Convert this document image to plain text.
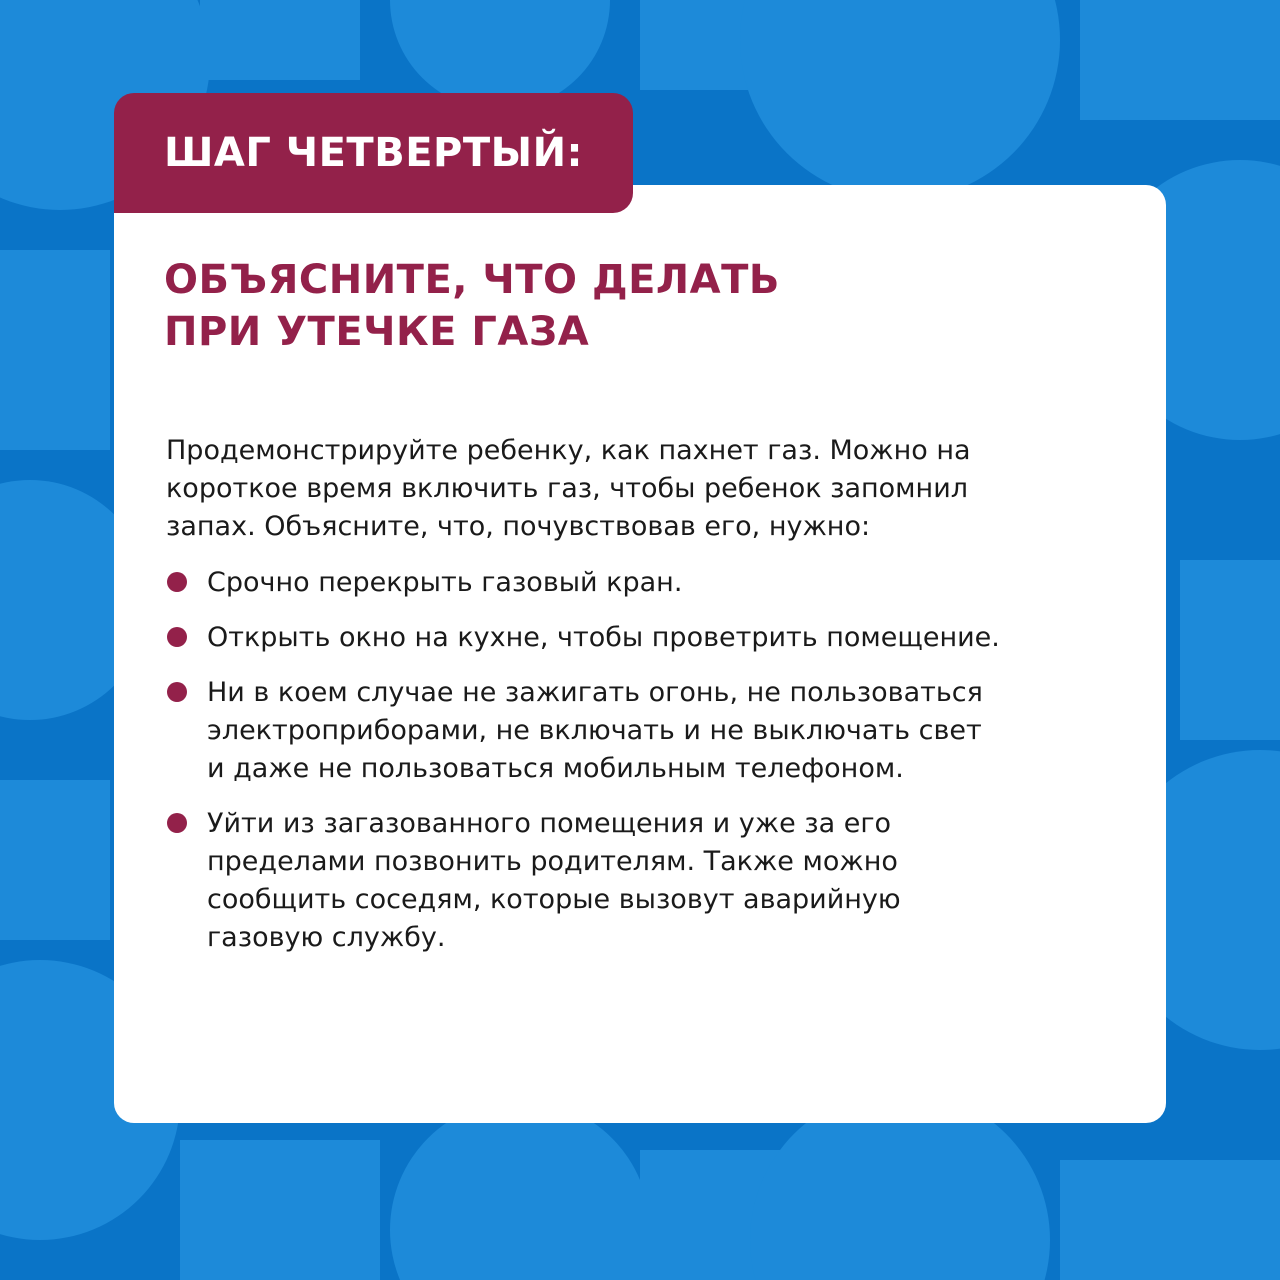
ШАГ ЧЕТВЕРТЫЙ:
ОБЪЯСНИТЕ, ЧТО ДЕЛАТЬ
ПРИ УТЕЧКЕ ГАЗА
Продемонстрируйте ребенку, как пахнет газ. Можно на
короткое время включить газ, чтобы ребенок запомнил
запах. Объясните, что, почувствовав его, нужно:
Срочно перекрыть газовый кран.
Открыть окно на кухне, чтобы проветрить помещение.
Ни в коем случае не зажигать огонь, не пользоваться
электроприборами, не включать и не выключать свет
и даже не пользоваться мобильным телефоном.
Уйти из загазованного помещения и уже за его
пределами позвонить родителям. Также можно
сообщить соседям, которые вызовут аварийную
газовую службу.
